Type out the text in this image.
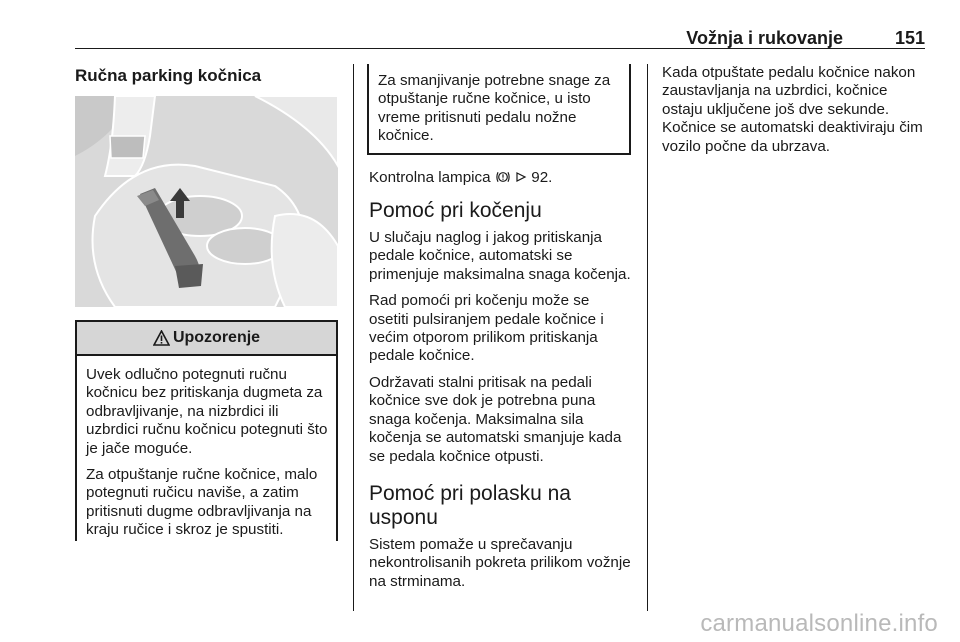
Vožnja i rukovanje	151
Ručna parking kočnica
Upozorenje

Uvek odlučno potegnuti ručnu kočnicu bez pritiskanja dugmeta za odbravljivanje, na nizbrdici ili uzbrdici ručnu kočnicu potegnuti što je jače moguće.

Za otpuštanje ručne kočnice, malo potegnuti ručicu naviše, a zatim pritisnuti dugme odbravljivanja na kraju ručice i skroz je spustiti.

Za smanjivanje potrebne snage za otpuštanje ručne kočnice, u isto vreme pritisnuti pedalu nožne kočnice.

Kontrolna lampica	92.

Pomoć pri kočenju

U slučaju naglog i jakog pritiskanja pedale kočnice, automatski se primenjuje maksimalna snaga kočenja.

Rad pomoći pri kočenju može se osetiti pulsiranjem pedale kočnice i većim otporom prilikom pritiskanja pedale kočnice.

Održavati stalni pritisak na pedali kočnice sve dok je potrebna puna snaga kočenja. Maksimalna sila kočenja se automatski smanjuje kada se pedala kočnice otpusti.

Pomoć pri polasku na usponu

Sistem pomaže u sprečavanju nekontrolisanih pokreta prilikom vožnje na strminama.

Kada otpuštate pedalu kočnice nakon zaustavljanja na uzbrdici, kočnice ostaju uključene još dve sekunde. Kočnice se automatski deaktiviraju čim vozilo počne da ubrzava.

carmanualsonline.info
